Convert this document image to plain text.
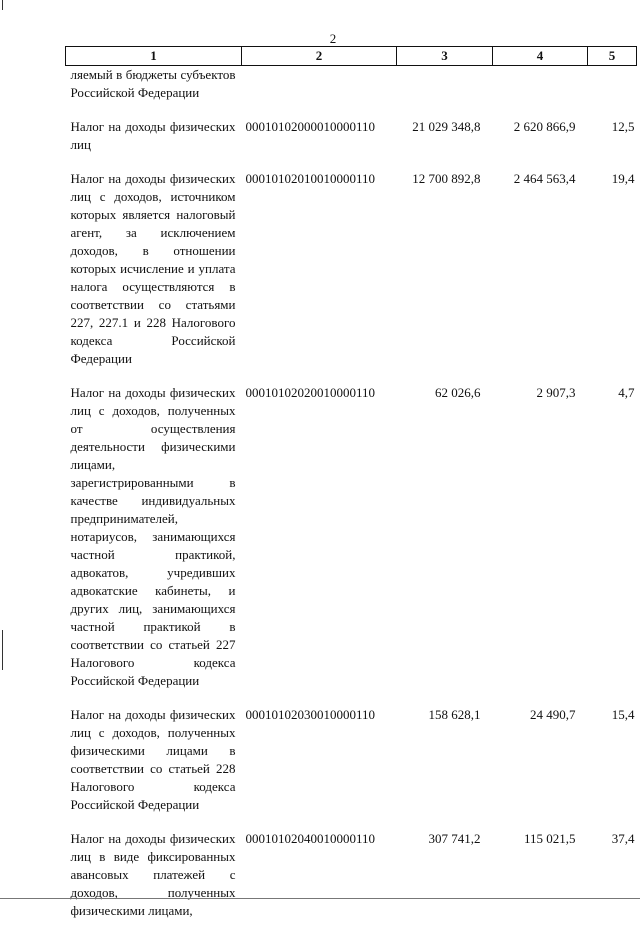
2
1	2	3	4	5
ляемый в бюджеты субъектов Российской Федерации				
Налог на доходы физических лиц	00010102000010000110	21 029 348,8	2 620 866,9	12,5
Налог на доходы физических лиц с доходов, источником которых является налоговый агент, за исключением доходов, в отношении которых исчисление и уплата налога осуществляются в соответствии со статьями 227, 227.1 и 228 Налогового кодекса Российской Федерации	00010102010010000110	12 700 892,8	2 464 563,4	19,4
Налог на доходы физических лиц с доходов, полученных от осуществления деятельности физическими лицами, зарегистрированными в качестве индивидуальных предпринимателей, нотариусов, занимающихся частной практикой, адвокатов, учредивших адвокатские кабинеты, и других лиц, занимающихся частной практикой в соответствии со статьей 227 Налогового кодекса Российской Федерации	00010102020010000110	62 026,6	2 907,3	4,7
Налог на доходы физических лиц с доходов, полученных физическими лицами в соответствии со статьей 228 Налогового кодекса Российской Федерации	00010102030010000110	158 628,1	24 490,7	15,4
Налог на доходы физических лиц в виде фиксированных авансовых платежей с доходов, полученных физическими лицами,	00010102040010000110	307 741,2	115 021,5	37,4
